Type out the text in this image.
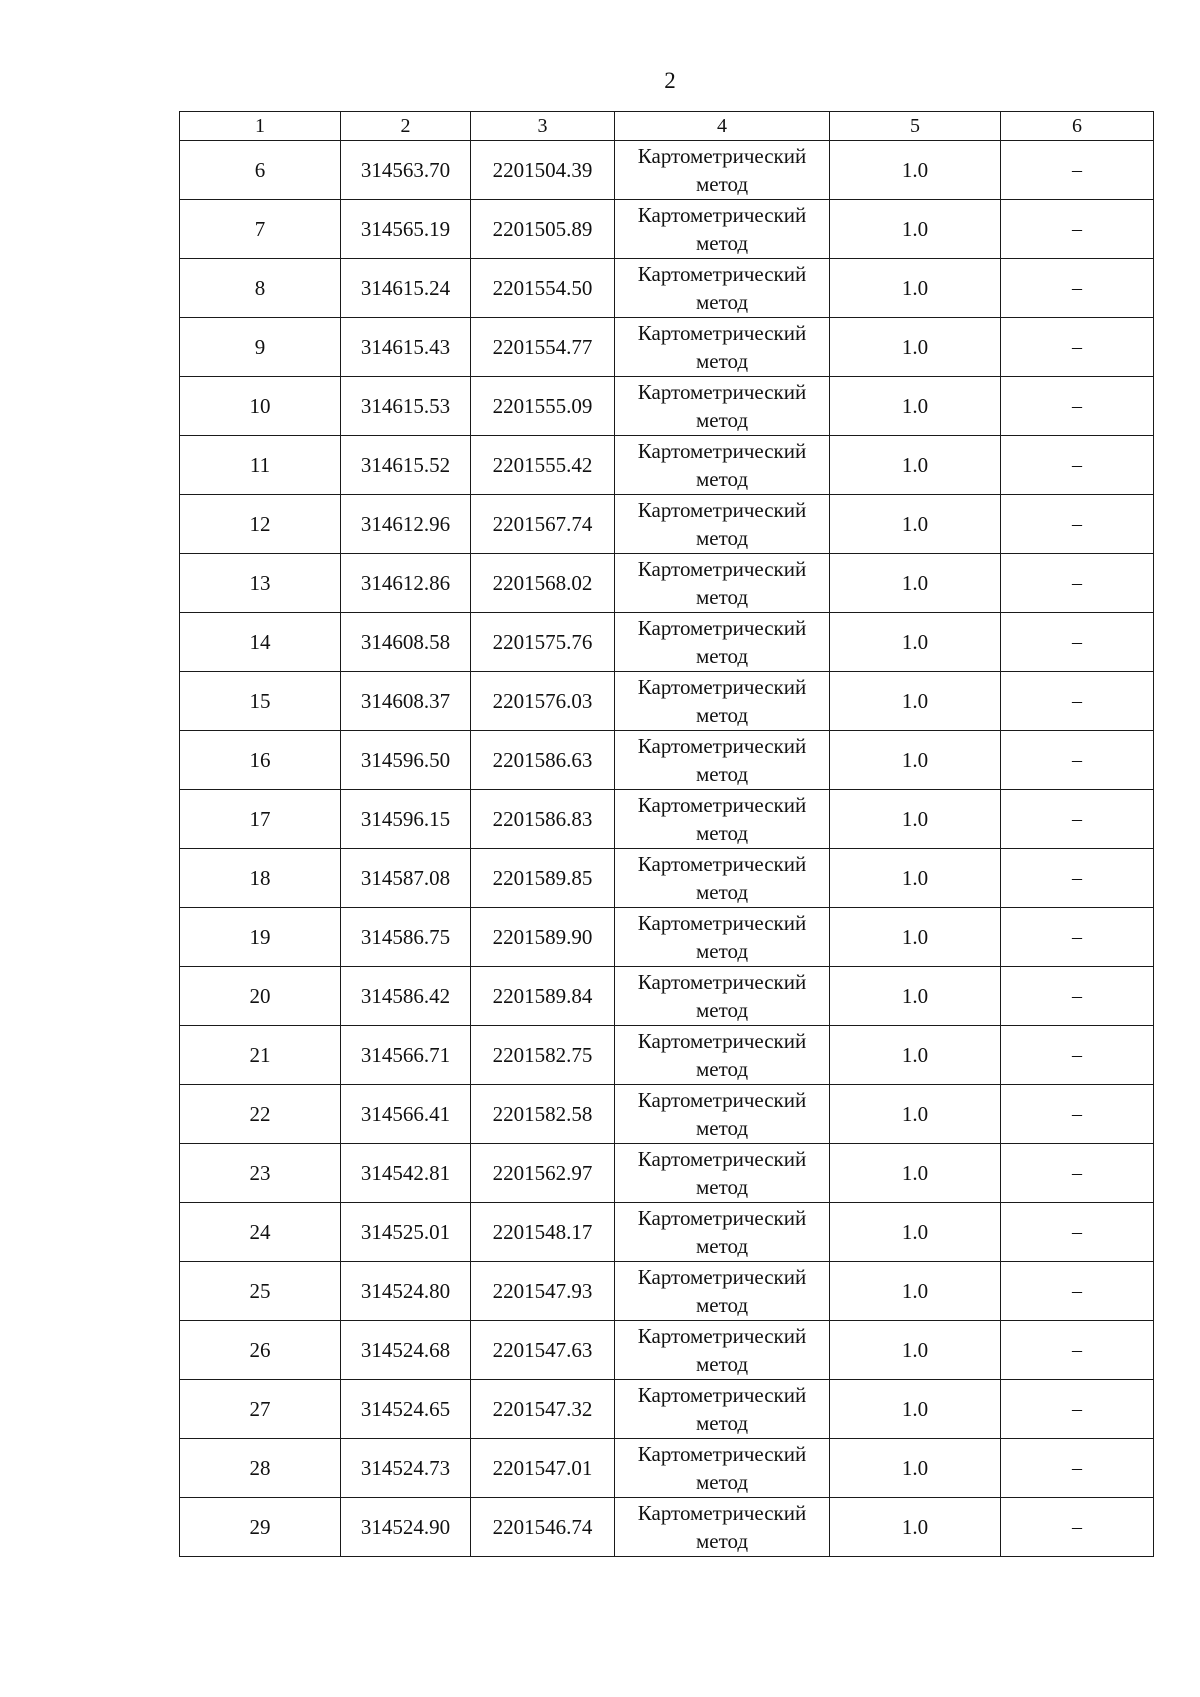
2
1	2	3	4	5	6
6	314563.70	2201504.39	Картометрический метод	1.0	–
7	314565.19	2201505.89	Картометрический метод	1.0	–
8	314615.24	2201554.50	Картометрический метод	1.0	–
9	314615.43	2201554.77	Картометрический метод	1.0	–
10	314615.53	2201555.09	Картометрический метод	1.0	–
11	314615.52	2201555.42	Картометрический метод	1.0	–
12	314612.96	2201567.74	Картометрический метод	1.0	–
13	314612.86	2201568.02	Картометрический метод	1.0	–
14	314608.58	2201575.76	Картометрический метод	1.0	–
15	314608.37	2201576.03	Картометрический метод	1.0	–
16	314596.50	2201586.63	Картометрический метод	1.0	–
17	314596.15	2201586.83	Картометрический метод	1.0	–
18	314587.08	2201589.85	Картометрический метод	1.0	–
19	314586.75	2201589.90	Картометрический метод	1.0	–
20	314586.42	2201589.84	Картометрический метод	1.0	–
21	314566.71	2201582.75	Картометрический метод	1.0	–
22	314566.41	2201582.58	Картометрический метод	1.0	–
23	314542.81	2201562.97	Картометрический метод	1.0	–
24	314525.01	2201548.17	Картометрический метод	1.0	–
25	314524.80	2201547.93	Картометрический метод	1.0	–
26	314524.68	2201547.63	Картометрический метод	1.0	–
27	314524.65	2201547.32	Картометрический метод	1.0	–
28	314524.73	2201547.01	Картометрический метод	1.0	–
29	314524.90	2201546.74	Картометрический метод	1.0	–
